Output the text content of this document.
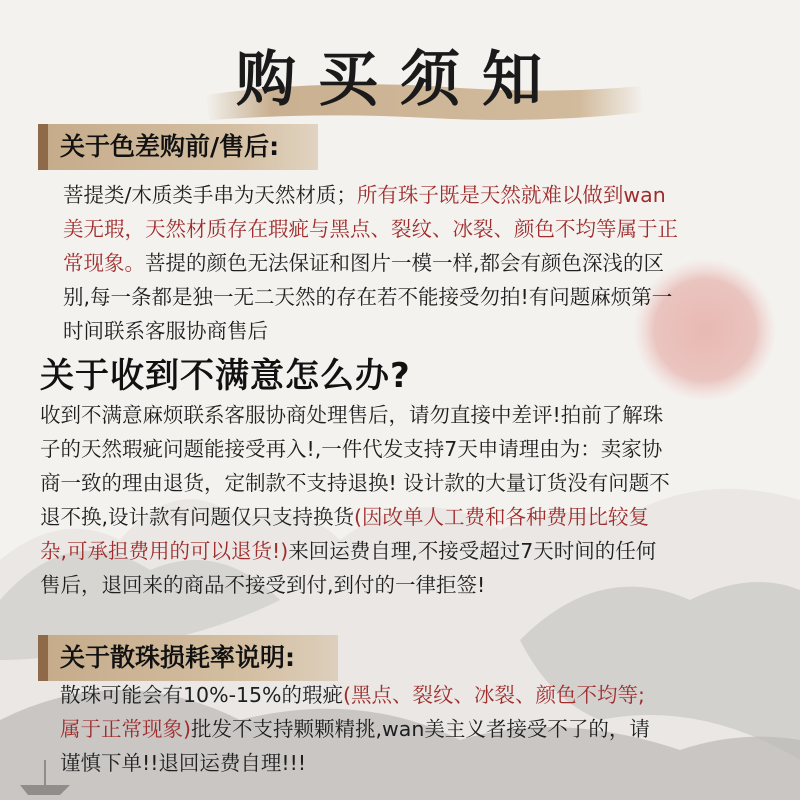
购买须知
关于色差购前/售后:
菩提类/木质类手串为天然材质；所有珠子既是天然就难以做到wan
美无瑕，天然材质存在瑕疵与黑点、裂纹、冰裂、颜色不均等属于正
常现象。菩提的颜色无法保证和图片一模一样,都会有颜色深浅的区
别,每一条都是独一无二天然的存在若不能接受勿拍!有问题麻烦第一
时间联系客服协商售后
关于收到不满意怎么办?
收到不满意麻烦联系客服协商处理售后，请勿直接中差评!拍前了解珠
子的天然瑕疵问题能接受再入!,一件代发支持7天申请理由为：卖家协
商一致的理由退货，定制款不支持退换! 设计款的大量订货没有问题不
退不换,设计款有问题仅只支持换货(因改单人工费和各种费用比较复
杂,可承担费用的可以退货!)来回运费自理,不接受超过7天时间的任何
售后，退回来的商品不接受到付,到付的一律拒签!
关于散珠损耗率说明:
散珠可能会有10%-15%的瑕疵(黑点、裂纹、冰裂、颜色不均等;
属于正常现象)批发不支持颗颗精挑,wan美主义者接受不了的，请
谨慎下单!!退回运费自理!!!
